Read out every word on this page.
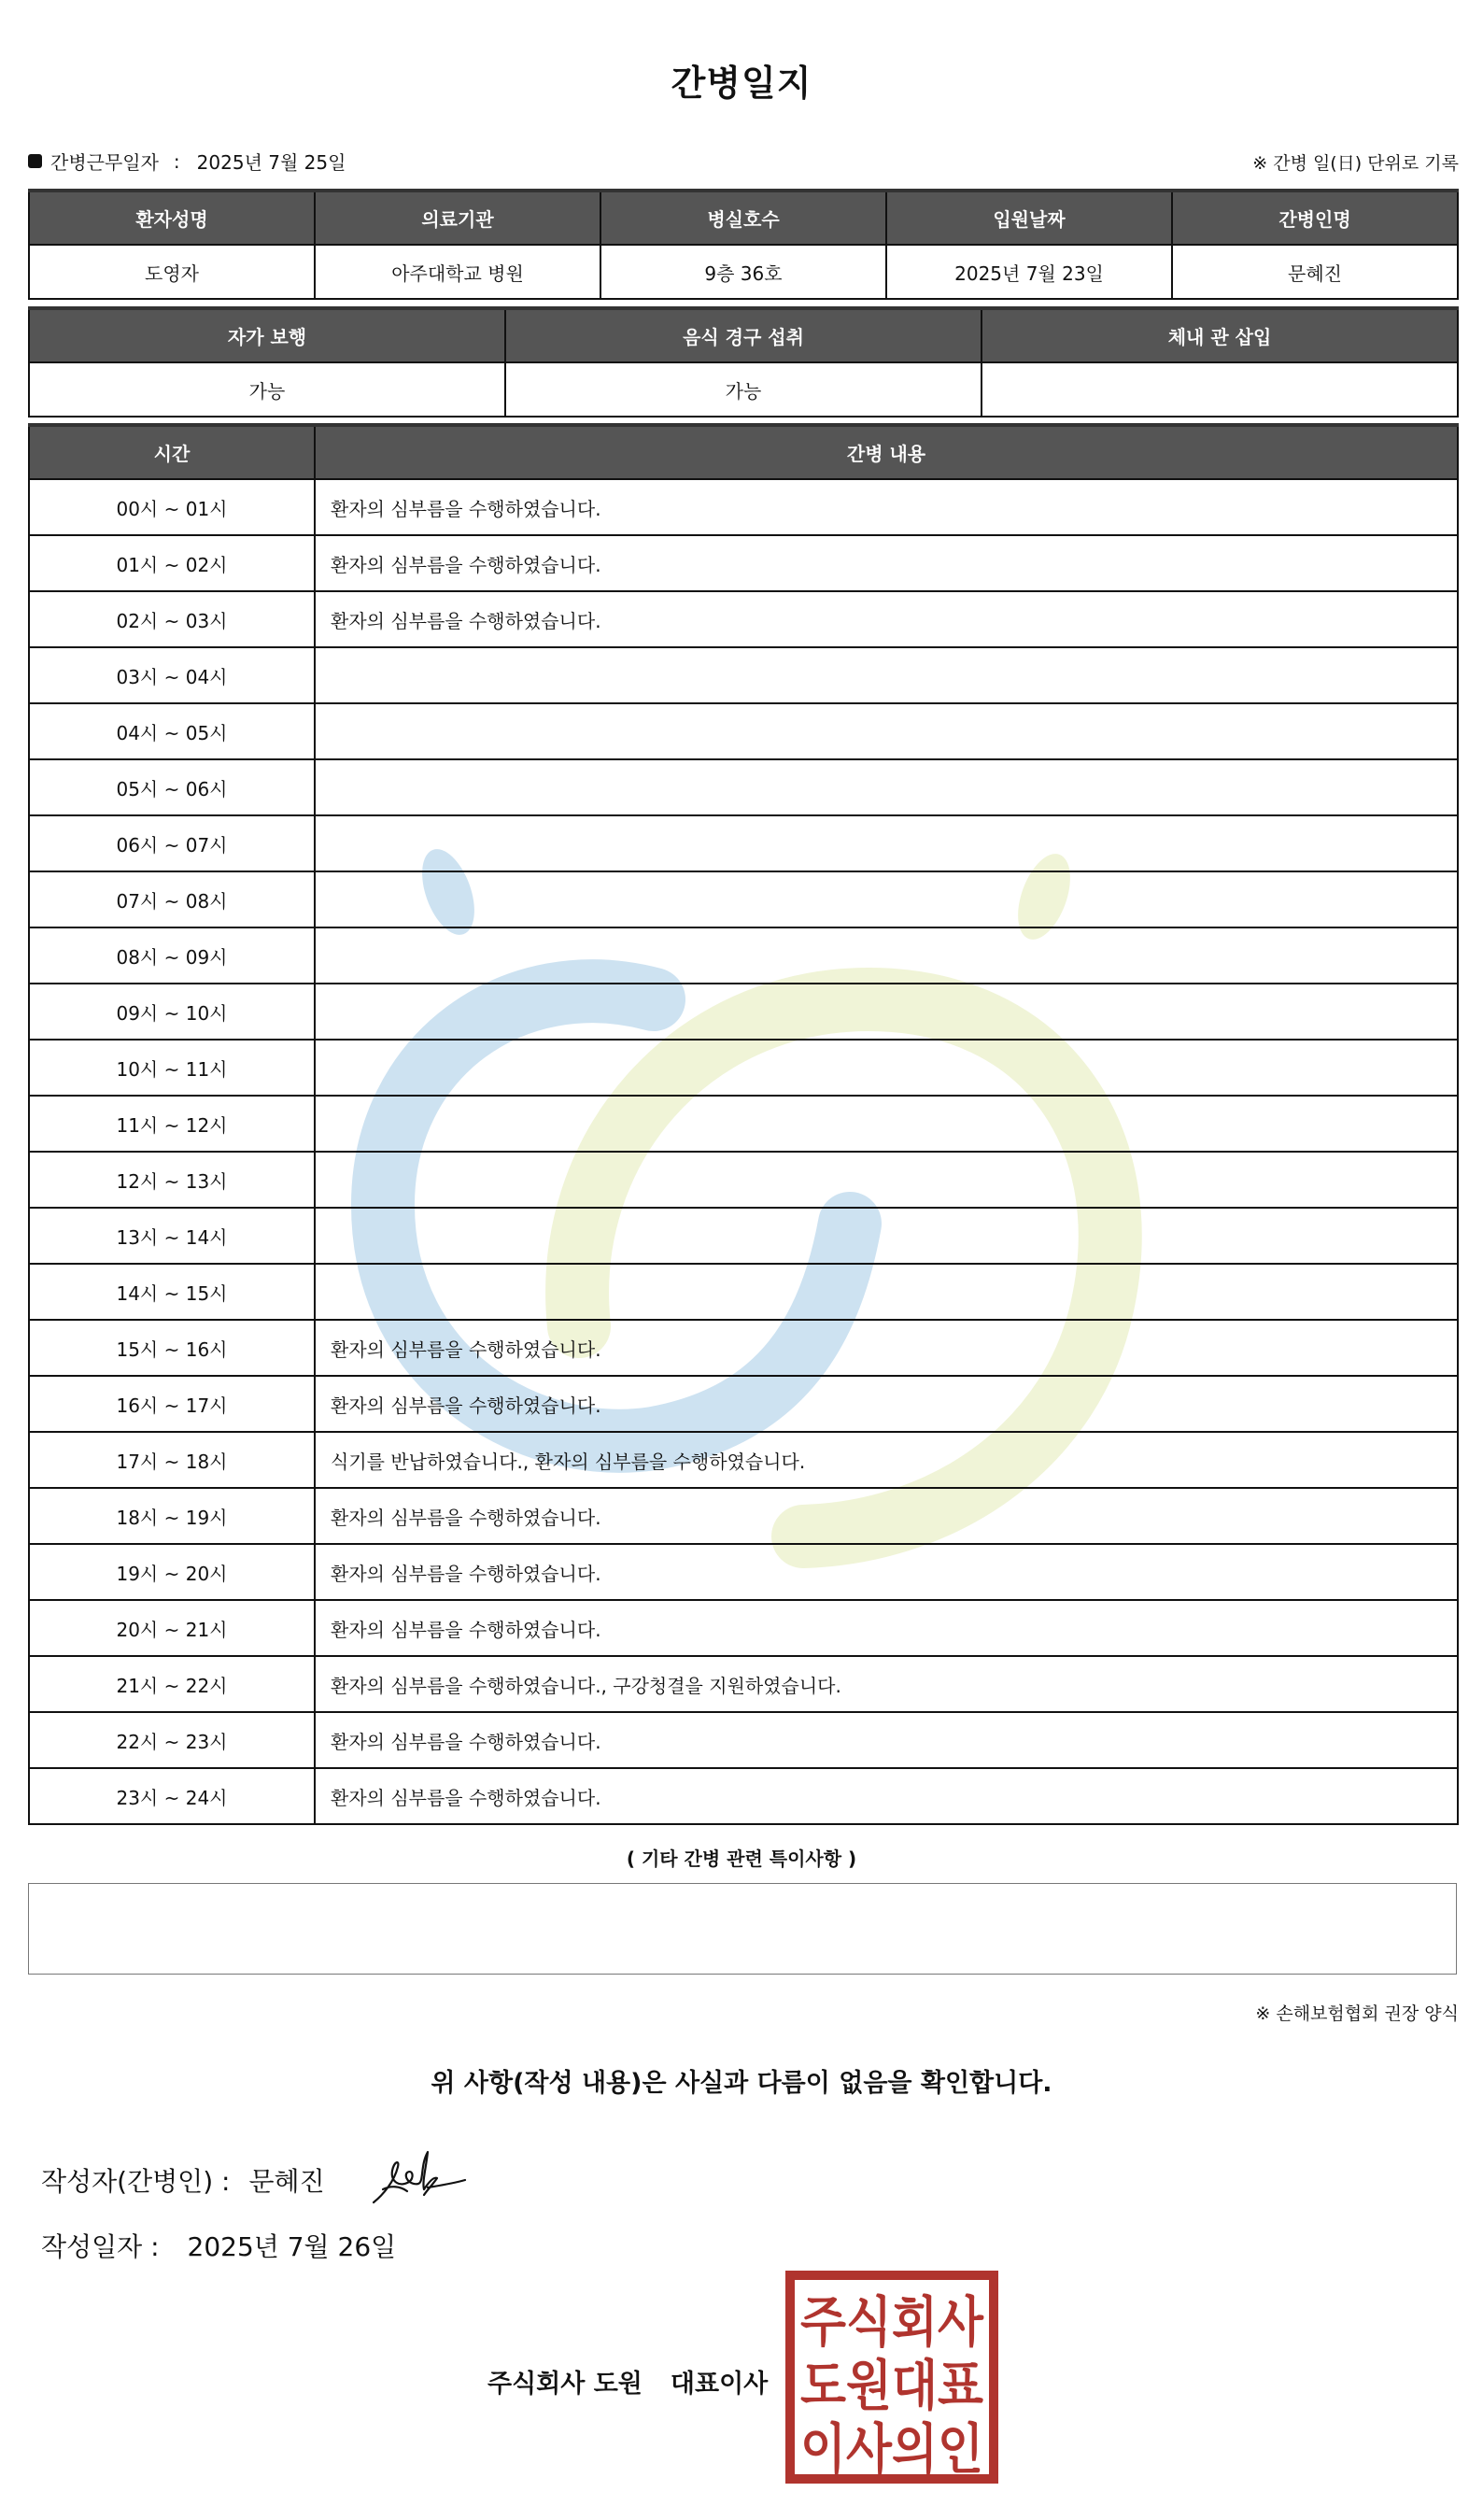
간병일지
간병근무일자 : 2025년 7월 25일	※ 간병 일(日) 단위로 기록
환자성명	의료기관	병실호수	입원날짜	간병인명
도영자	아주대학교 병원	9층 36호	2025년 7월 23일	문혜진
자가 보행	음식 경구 섭취	체내 관 삽입
가능	가능	
시간	간병 내용
00시 ~ 01시	환자의 심부름을 수행하였습니다.
01시 ~ 02시	환자의 심부름을 수행하였습니다.
02시 ~ 03시	환자의 심부름을 수행하였습니다.
03시 ~ 04시	
04시 ~ 05시	
05시 ~ 06시	
06시 ~ 07시	
07시 ~ 08시	
08시 ~ 09시	
09시 ~ 10시	
10시 ~ 11시	
11시 ~ 12시	
12시 ~ 13시	
13시 ~ 14시	
14시 ~ 15시	
15시 ~ 16시	환자의 심부름을 수행하였습니다.
16시 ~ 17시	환자의 심부름을 수행하였습니다.
17시 ~ 18시	식기를 반납하였습니다., 환자의 심부름을 수행하였습니다.
18시 ~ 19시	환자의 심부름을 수행하였습니다.
19시 ~ 20시	환자의 심부름을 수행하였습니다.
20시 ~ 21시	환자의 심부름을 수행하였습니다.
21시 ~ 22시	환자의 심부름을 수행하였습니다., 구강청결을 지원하였습니다.
22시 ~ 23시	환자의 심부름을 수행하였습니다.
23시 ~ 24시	환자의 심부름을 수행하였습니다.
( 기타 간병 관련 특이사항 )
※ 손해보험협회 권장 양식
위 사항(작성 내용)은 사실과 다름이 없음을 확인합니다.
작성자(간병인) : 문혜진
작성일자 : 2025년 7월 26일
주식회사 도원 대표이사
주식회사
도원대표
이사의인
